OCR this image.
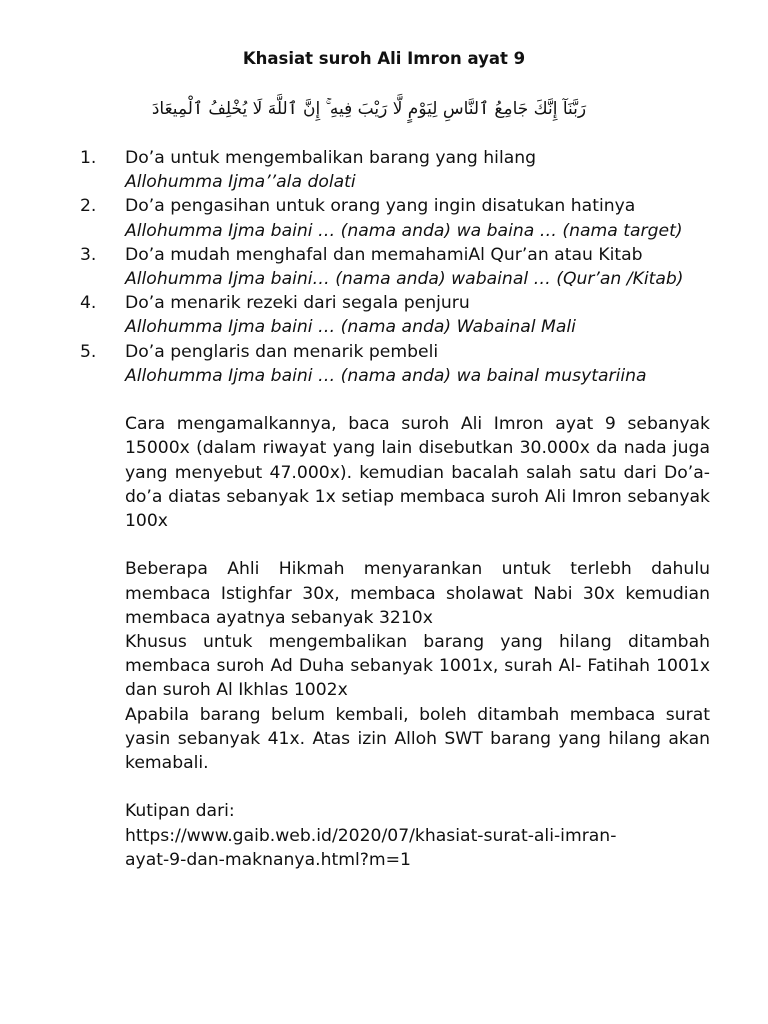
Khasiat suroh Ali Imron ayat 9
رَبَّنَآ إِنَّكَ جَامِعُ ٱلنَّاسِ لِيَوْمٍ لَّا رَيْبَ فِيهِ ۚ إِنَّ ٱللَّهَ لَا يُخْلِفُ ٱلْمِيعَادَ
1. Do’a untuk mengembalikan barang yang hilang
Allohumma Ijma’’ala dolati
2. Do’a pengasihan untuk orang yang ingin disatukan hatinya
Allohumma Ijma baini … (nama anda) wa baina … (nama target)
3. Do’a mudah menghafal dan memahamiAl Qur’an atau Kitab
Allohumma Ijma baini… (nama anda) wabainal … (Qur’an /Kitab)
4. Do’a menarik rezeki dari segala penjuru
Allohumma Ijma baini … (nama anda) Wabainal Mali
5. Do’a penglaris dan menarik pembeli
Allohumma Ijma baini … (nama anda) wa bainal musytariina
Cara mengamalkannya, baca suroh Ali Imron ayat 9 sebanyak 15000x (dalam riwayat yang lain disebutkan 30.000x da nada juga yang menyebut 47.000x). kemudian bacalah salah satu dari Do’a-do’a diatas sebanyak 1x setiap membaca suroh Ali Imron sebanyak 100x
Beberapa Ahli Hikmah menyarankan untuk terlebh dahulu membaca Istighfar 30x, membaca sholawat Nabi 30x kemudian membaca ayatnya sebanyak 3210x
Khusus untuk mengembalikan barang yang hilang ditambah membaca suroh Ad Duha sebanyak 1001x, surah Al- Fatihah 1001x dan suroh Al Ikhlas 1002x
Apabila barang belum kembali, boleh ditambah membaca surat yasin sebanyak 41x. Atas izin Alloh SWT barang yang hilang akan kemabali.
Kutipan dari:
https://www.gaib.web.id/2020/07/khasiat-surat-ali-imran-
ayat-9-dan-maknanya.html?m=1
